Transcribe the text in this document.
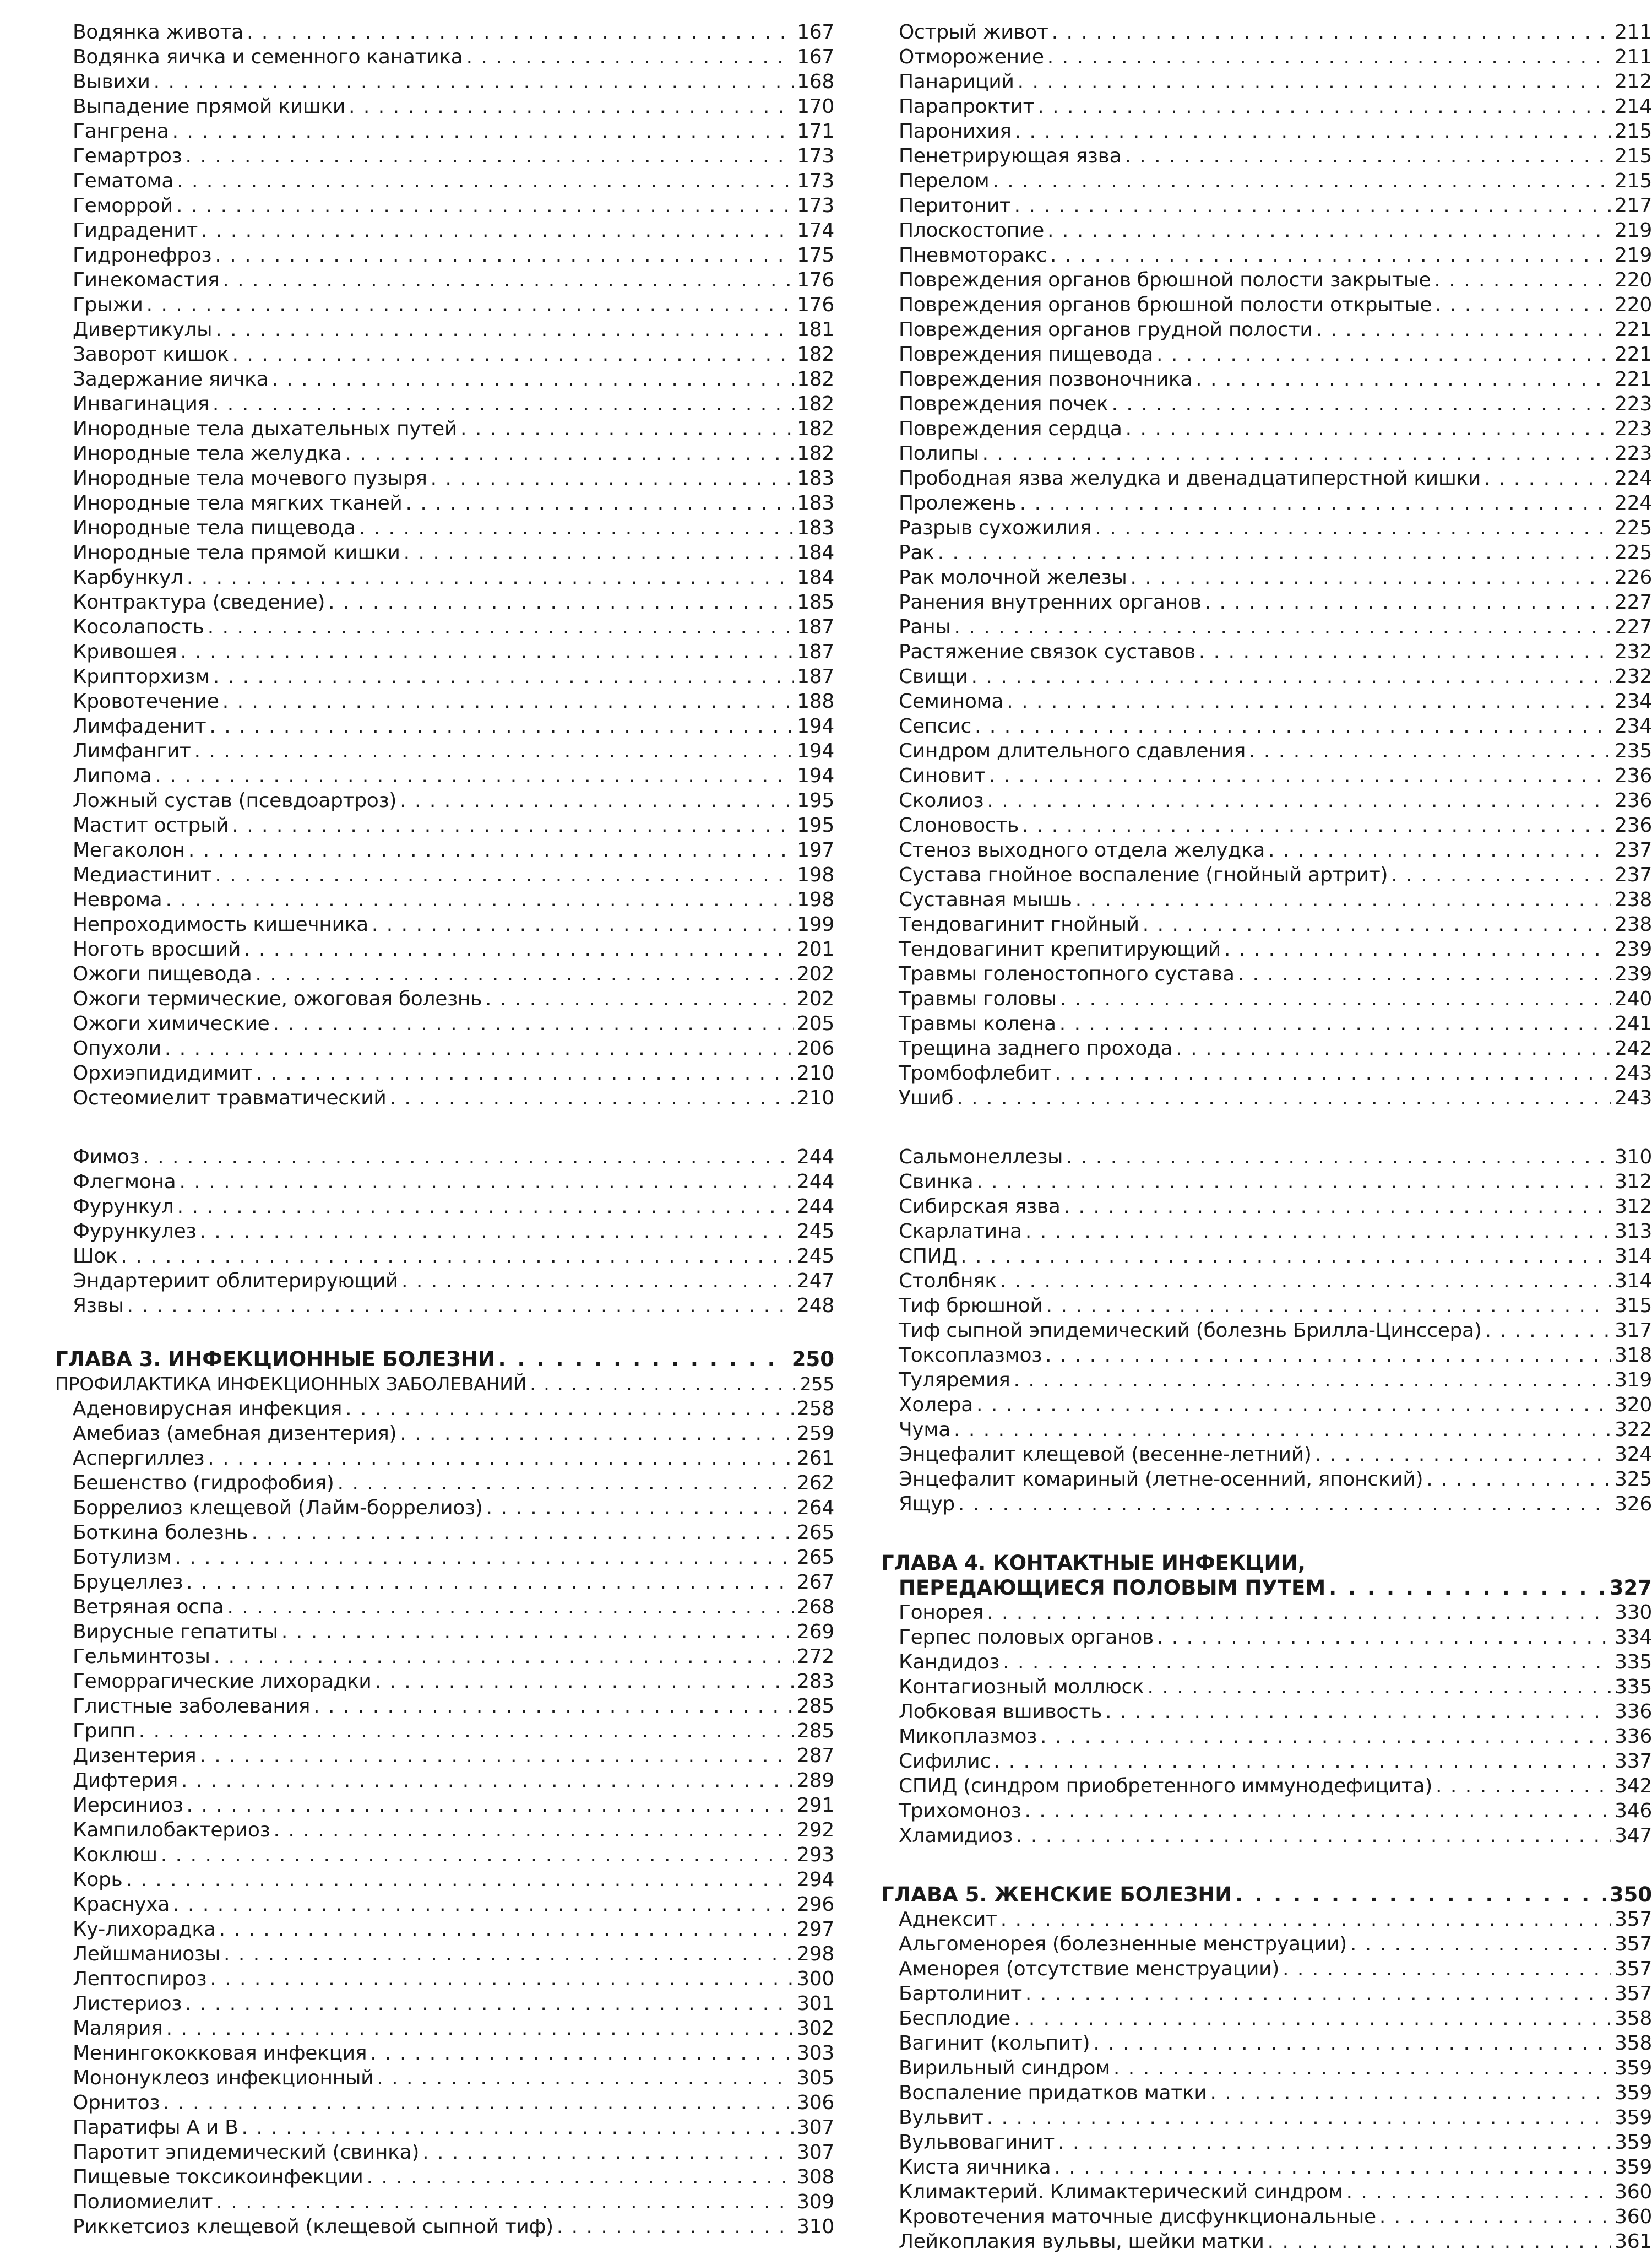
Водянка живота . . .	167
Водянка яичка и семенного канатика . . .	167
Вывихи . . .	168
Выпадение прямой кишки . . .	170
Гангрена . . .	171
Гемартроз . . .	173
Гематома . . .	173
Геморрой . . .	173
Гидраденит . . .	174
Гидронефроз . . .	175
Гинекомастия . . .	176
Грыжи . . .	176
Дивертикулы . . .	181
Заворот кишок . . .	182
Задержание яичка . . .	182
Инвагинация . . .	182
Инородные тела дыхательных путей . . .	182
Инородные тела желудка . . .	182
Инородные тела мочевого пузыря . . .	183
Инородные тела мягких тканей . . .	183
Инородные тела пищевода . . .	183
Инородные тела прямой кишки . . .	184
Карбункул . . .	184
Контрактура (сведение) . . .	185
Косолапость . . .	187
Кривошея . . .	187
Крипторхизм . . .	187
Кровотечение . . .	188
Лимфаденит . . .	194
Лимфангит . . .	194
Липома . . .	194
Ложный сустав (псевдоартроз) . . .	195
Мастит острый . . .	195
Мегаколон . . .	197
Медиастинит . . .	198
Неврома . . .	198
Непроходимость кишечника . . .	199
Ноготь вросший . . .	201
Ожоги пищевода . . .	202
Ожоги термические, ожоговая болезнь . . .	202
Ожоги химические . . .	205
Опухоли . . .	206
Орхиэпидидимит . . .	210
Остеомиелит травматический . . .	210
Фимоз . . .	244
Флегмона . . .	244
Фурункул . . .	244
Фурункулез . . .	245
Шок . . .	245
Эндартериит облитерирующий . . .	247
Язвы . . .	248
ГЛАВА 3. ИНФЕКЦИОННЫЕ БОЛЕЗНИ . . .	250
ПРОФИЛАКТИКА ИНФЕКЦИОННЫХ ЗАБОЛЕВАНИЙ . . .	255
Аденовирусная инфекция . . .	258
Амебиаз (амебная дизентерия) . . .	259
Аспергиллез . . .	261
Бешенство (гидрофобия) . . .	262
Боррелиоз клещевой (Лайм-боррелиоз) . . .	264
Боткина болезнь . . .	265
Ботулизм . . .	265
Бруцеллез . . .	267
Ветряная оспа . . .	268
Вирусные гепатиты . . .	269
Гельминтозы . . .	272
Геморрагические лихорадки . . .	283
Глистные заболевания . . .	285
Грипп . . .	285
Дизентерия . . .	287
Дифтерия . . .	289
Иерсиниоз . . .	291
Кампилобактериоз . . .	292
Коклюш . . .	293
Корь . . .	294
Краснуха . . .	296
Ку-лихорадка . . .	297
Лейшманиозы . . .	298
Лептоспироз . . .	300
Листериоз . . .	301
Малярия . . .	302
Менингококковая инфекция . . .	303
Мононуклеоз инфекционный . . .	305
Орнитоз . . .	306
Паратифы А и В . . .	307
Паротит эпидемический (свинка) . . .	307
Пищевые токсикоинфекции . . .	308
Полиомиелит . . .	309
Риккетсиоз клещевой (клещевой сыпной тиф) . . .	310
Острый живот . . .	211
Отморожение . . .	211
Панариций . . .	212
Парапроктит . . .	214
Паронихия . . .	215
Пенетрирующая язва . . .	215
Перелом . . .	215
Перитонит . . .	217
Плоскостопие . . .	219
Пневмоторакс . . .	219
Повреждения органов брюшной полости закрытые . . .	220
Повреждения органов брюшной полости открытые . . .	220
Повреждения органов грудной полости . . .	221
Повреждения пищевода . . .	221
Повреждения позвоночника . . .	221
Повреждения почек . . .	223
Повреждения сердца . . .	223
Полипы . . .	223
Прободная язва желудка и двенадцатиперстной кишки . . .	224
Пролежень . . .	224
Разрыв сухожилия . . .	225
Рак . . .	225
Рак молочной железы . . .	226
Ранения внутренних органов . . .	227
Раны . . .	227
Растяжение связок суставов . . .	232
Свищи . . .	232
Семинома . . .	234
Сепсис . . .	234
Синдром длительного сдавления . . .	235
Синовит . . .	236
Сколиоз . . .	236
Слоновость . . .	236
Стеноз выходного отдела желудка . . .	237
Сустава гнойное воспаление (гнойный артрит) . . .	237
Суставная мышь . . .	238
Тендовагинит гнойный . . .	238
Тендовагинит крепитирующий . . .	239
Травмы голеностопного сустава . . .	239
Травмы головы . . .	240
Травмы колена . . .	241
Трещина заднего прохода . . .	242
Тромбофлебит . . .	243
Ушиб . . .	243
Сальмонеллезы . . .	310
Свинка . . .	312
Сибирская язва . . .	312
Скарлатина . . .	313
СПИД . . .	314
Столбняк . . .	314
Тиф брюшной . . .	315
Тиф сыпной эпидемический (болезнь Брилла-Цинссера) . . .	317
Токсоплазмоз . . .	318
Туляремия . . .	319
Холера . . .	320
Чума . . .	322
Энцефалит клещевой (весенне-летний) . . .	324
Энцефалит комариный (летне-осенний, японский) . . .	325
Ящур . . .	326
ГЛАВА 4. КОНТАКТНЫЕ ИНФЕКЦИИ,
ПЕРЕДАЮЩИЕСЯ ПОЛОВЫМ ПУТЕМ . . .	327
Гонорея . . .	330
Герпес половых органов . . .	334
Кандидоз . . .	335
Контагиозный моллюск . . .	335
Лобковая вшивость . . .	336
Микоплазмоз . . .	336
Сифилис . . .	337
СПИД (синдром приобретенного иммунодефицита) . . .	342
Трихомоноз . . .	346
Хламидиоз . . .	347
ГЛАВА 5. ЖЕНСКИЕ БОЛЕЗНИ . . .	350
Аднексит . . .	357
Альгоменорея (болезненные менструации) . . .	357
Аменорея (отсутствие менструации) . . .	357
Бартолинит . . .	357
Бесплодие . . .	358
Вагинит (кольпит) . . .	358
Вирильный синдром . . .	359
Воспаление придатков матки . . .	359
Вульвит . . .	359
Вульвовагинит . . .	359
Киста яичника . . .	359
Климактерий. Климактерический синдром . . .	360
Кровотечения маточные дисфункциональные . . .	360
Лейкоплакия вульвы, шейки матки . . .	361
